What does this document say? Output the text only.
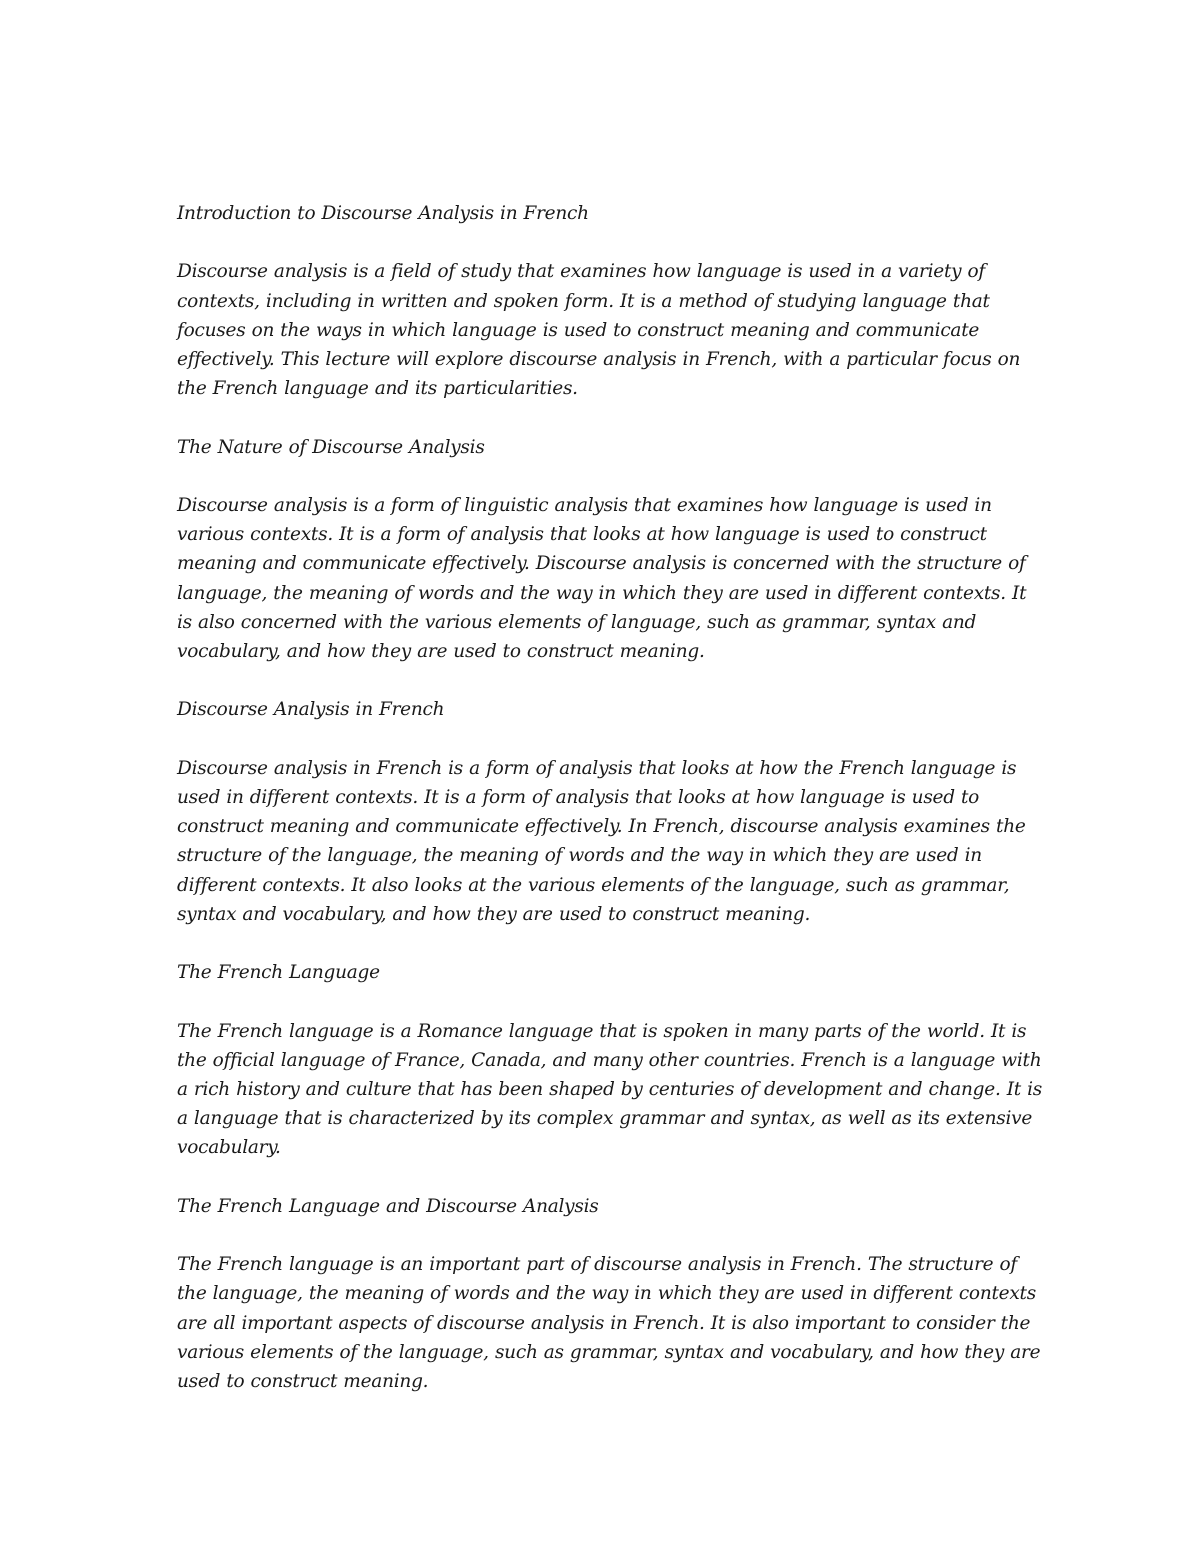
Introduction to Discourse Analysis in French

Discourse analysis is a field of study that examines how language is used in a variety of contexts, including in written and spoken form. It is a method of studying language that focuses on the ways in which language is used to construct meaning and communicate effectively. This lecture will explore discourse analysis in French, with a particular focus on the French language and its particularities.

The Nature of Discourse Analysis

Discourse analysis is a form of linguistic analysis that examines how language is used in various contexts. It is a form of analysis that looks at how language is used to construct meaning and communicate effectively. Discourse analysis is concerned with the structure of language, the meaning of words and the way in which they are used in different contexts. It is also concerned with the various elements of language, such as grammar, syntax and vocabulary, and how they are used to construct meaning.

Discourse Analysis in French

Discourse analysis in French is a form of analysis that looks at how the French language is used in different contexts. It is a form of analysis that looks at how language is used to construct meaning and communicate effectively. In French, discourse analysis examines the structure of the language, the meaning of words and the way in which they are used in different contexts. It also looks at the various elements of the language, such as grammar, syntax and vocabulary, and how they are used to construct meaning.

The French Language

The French language is a Romance language that is spoken in many parts of the world. It is the official language of France, Canada, and many other countries. French is a language with a rich history and culture that has been shaped by centuries of development and change. It is a language that is characterized by its complex grammar and syntax, as well as its extensive vocabulary.

The French Language and Discourse Analysis

The French language is an important part of discourse analysis in French. The structure of the language, the meaning of words and the way in which they are used in different contexts are all important aspects of discourse analysis in French. It is also important to consider the various elements of the language, such as grammar, syntax and vocabulary, and how they are used to construct meaning.
